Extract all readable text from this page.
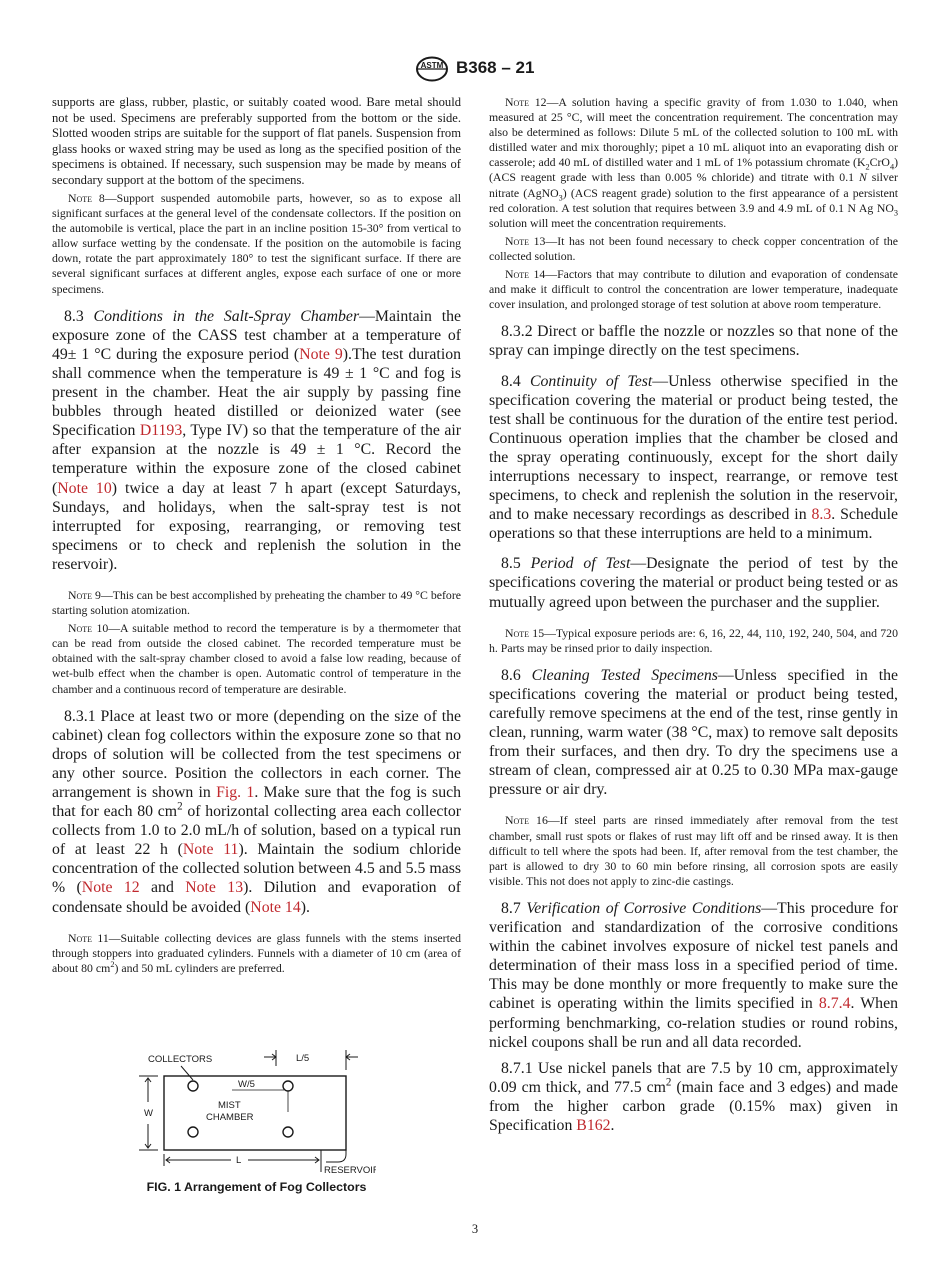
ASTM B368 – 21

supports are glass, rubber, plastic, or suitably coated wood. Bare metal should not be used. Specimens are preferably supported from the bottom or the side. Slotted wooden strips are suitable for the support of flat panels. Suspension from glass hooks or waxed string may be used as long as the specified position of the specimens is obtained. If necessary, such suspension may be made by means of secondary support at the bottom of the specimens.

Note 8—Support suspended automobile parts, however, so as to expose all significant surfaces at the general level of the condensate collectors. If the position on the automobile is vertical, place the part in an incline position 15-30° from vertical to allow surface wetting by the condensate. If the position on the automobile is facing down, rotate the part approximately 180° to test the significant surface. If there are several significant surfaces at different angles, expose each surface of one or more specimens.

8.3 Conditions in the Salt-Spray Chamber—Maintain the exposure zone of the CASS test chamber at a temperature of 49± 1 °C during the exposure period (Note 9).The test duration shall commence when the temperature is 49 ± 1 °C and fog is present in the chamber. Heat the air supply by passing fine bubbles through heated distilled or deionized water (see Specification D1193, Type IV) so that the temperature of the air after expansion at the nozzle is 49 ± 1 °C. Record the temperature within the exposure zone of the closed cabinet (Note 10) twice a day at least 7 h apart (except Saturdays, Sundays, and holidays, when the salt-spray test is not interrupted for exposing, rearranging, or removing test specimens or to check and replenish the solution in the reservoir).

Note 9—This can be best accomplished by preheating the chamber to 49 °C before starting solution atomization.

Note 10—A suitable method to record the temperature is by a thermometer that can be read from outside the closed cabinet. The recorded temperature must be obtained with the salt-spray chamber closed to avoid a false low reading, because of wet-bulb effect when the chamber is open. Automatic control of temperature in the chamber and a continuous record of temperature are desirable.

8.3.1 Place at least two or more (depending on the size of the cabinet) clean fog collectors within the exposure zone so that no drops of solution will be collected from the test specimens or any other source. Position the collectors in each corner. The arrangement is shown in Fig. 1. Make sure that the fog is such that for each 80 $cm^2$ of horizontal collecting area each collector collects from 1.0 to 2.0 mL/h of solution, based on a typical run of at least 22 h (Note 11). Maintain the sodium chloride concentration of the collected solution between 4.5 and 5.5 mass % (Note 12 and Note 13). Dilution and evaporation of condensate should be avoided (Note 14).

Note 11—Suitable collecting devices are glass funnels with the stems inserted through stoppers into graduated cylinders. Funnels with a diameter of 10 cm (area of about 80 $cm^2$) and 50 mL cylinders are preferred.

COLLECTORS	L/5
W/5
MIST
CHAMBER
W
L
RESERVOIR
FIG. 1 Arrangement of Fog Collectors

Note 12—A solution having a specific gravity of from 1.030 to 1.040, when measured at 25 °C, will meet the concentration requirement. The concentration may also be determined as follows: Dilute 5 mL of the collected solution to 100 mL with distilled water and mix thoroughly; pipet a 10 mL aliquot into an evaporating dish or casserole; add 40 mL of distilled water and 1 mL of 1% potassium chromate $(K_2CrO_4)$ (ACS reagent grade with less than 0.005 % chloride) and titrate with 0.1 N silver nitrate (AgNO$_3$) (ACS reagent grade) solution to the first appearance of a persistent red coloration. A test solution that requires between 3.9 and 4.9 mL of 0.1 N Ag $NO_3$ solution will meet the concentration requirements.

Note 13—It has not been found necessary to check copper concentration of the collected solution.

Note 14—Factors that may contribute to dilution and evaporation of condensate and make it difficult to control the concentration are lower temperature, inadequate cover insulation, and prolonged storage of test solution at above room temperature.

8.3.2 Direct or baffle the nozzle or nozzles so that none of the spray can impinge directly on the test specimens.

8.4 Continuity of Test—Unless otherwise specified in the specification covering the material or product being tested, the test shall be continuous for the duration of the entire test period. Continuous operation implies that the chamber be closed and the spray operating continuously, except for the short daily interruptions necessary to inspect, rearrange, or remove test specimens, to check and replenish the solution in the reservoir, and to make necessary recordings as described in 8.3. Schedule operations so that these interruptions are held to a minimum.

8.5 Period of Test—Designate the period of test by the specifications covering the material or product being tested or as mutually agreed upon between the purchaser and the supplier.

Note 15—Typical exposure periods are: 6, 16, 22, 44, 110, 192, 240, 504, and 720 h. Parts may be rinsed prior to daily inspection.

8.6 Cleaning Tested Specimens—Unless specified in the specifications covering the material or product being tested, carefully remove specimens at the end of the test, rinse gently in clean, running, warm water (38 °C, max) to remove salt deposits from their surfaces, and then dry. To dry the specimens use a stream of clean, compressed air at 0.25 to 0.30 MPa max-gauge pressure or air dry.

Note 16—If steel parts are rinsed immediately after removal from the test chamber, small rust spots or flakes of rust may lift off and be rinsed away. It is then difficult to tell where the spots had been. If, after removal from the test chamber, the part is allowed to dry 30 to 60 min before rinsing, all corrosion spots are easily visible. This not does not apply to zinc-die castings.

8.7 Verification of Corrosive Conditions—This procedure for verification and standardization of the corrosive conditions within the cabinet involves exposure of nickel test panels and determination of their mass loss in a specified period of time. This may be done monthly or more frequently to make sure the cabinet is operating within the limits specified in 8.7.4. When performing benchmarking, co-relation studies or round robins, nickel coupons shall be run and all data recorded.

8.7.1 Use nickel panels that are 7.5 by 10 cm, approximately 0.09 cm thick, and 77.5 $cm^2$ (main face and 3 edges) and made from the higher carbon grade (0.15% max) given in Specification B162.

3
